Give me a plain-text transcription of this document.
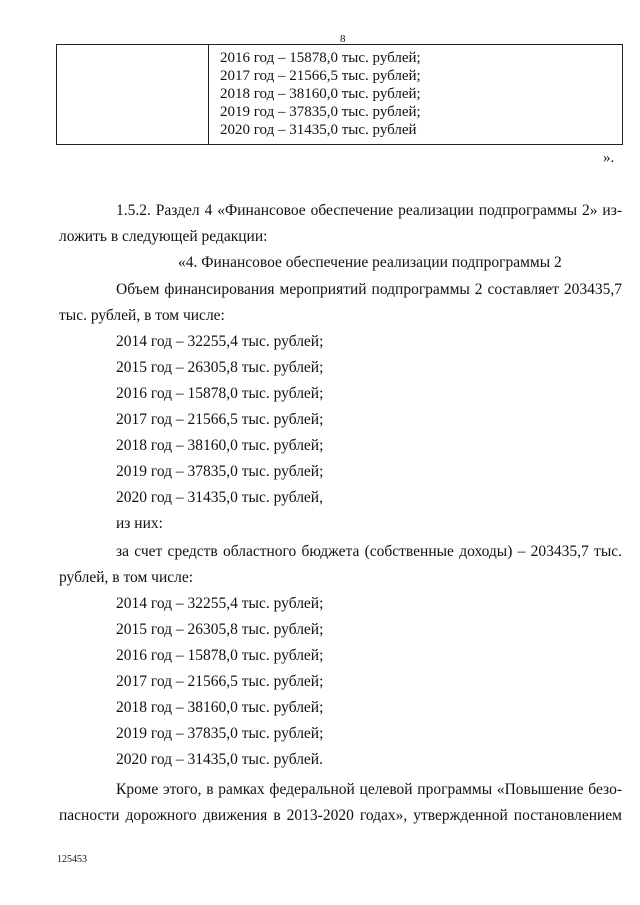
8
2016 год – 15878,0 тыс. рублей;
2017 год – 21566,5 тыс. рублей;
2018 год – 38160,0 тыс. рублей;
2019 год – 37835,0 тыс. рублей;
2020 год – 31435,0 тыс. рублей
».
1.5.2. Раздел 4 «Финансовое обеспечение реализации подпрограммы 2» из-
ложить в следующей редакции:
«4. Финансовое обеспечение реализации подпрограммы 2
Объем финансирования мероприятий подпрограммы 2 составляет 203435,7
тыс. рублей, в том числе:
2014 год – 32255,4 тыс. рублей;
2015 год – 26305,8 тыс. рублей;
2016 год – 15878,0 тыс. рублей;
2017 год – 21566,5 тыс. рублей;
2018 год – 38160,0 тыс. рублей;
2019 год – 37835,0 тыс. рублей;
2020 год – 31435,0 тыс. рублей,
из них:
за счет средств областного бюджета (собственные доходы) – 203435,7 тыс.
рублей, в том числе:
2014 год – 32255,4 тыс. рублей;
2015 год – 26305,8 тыс. рублей;
2016 год – 15878,0 тыс. рублей;
2017 год – 21566,5 тыс. рублей;
2018 год – 38160,0 тыс. рублей;
2019 год – 37835,0 тыс. рублей;
2020 год – 31435,0 тыс. рублей.
Кроме этого, в рамках федеральной целевой программы «Повышение безо-
пасности дорожного движения в 2013-2020 годах», утвержденной постановлением
125453
